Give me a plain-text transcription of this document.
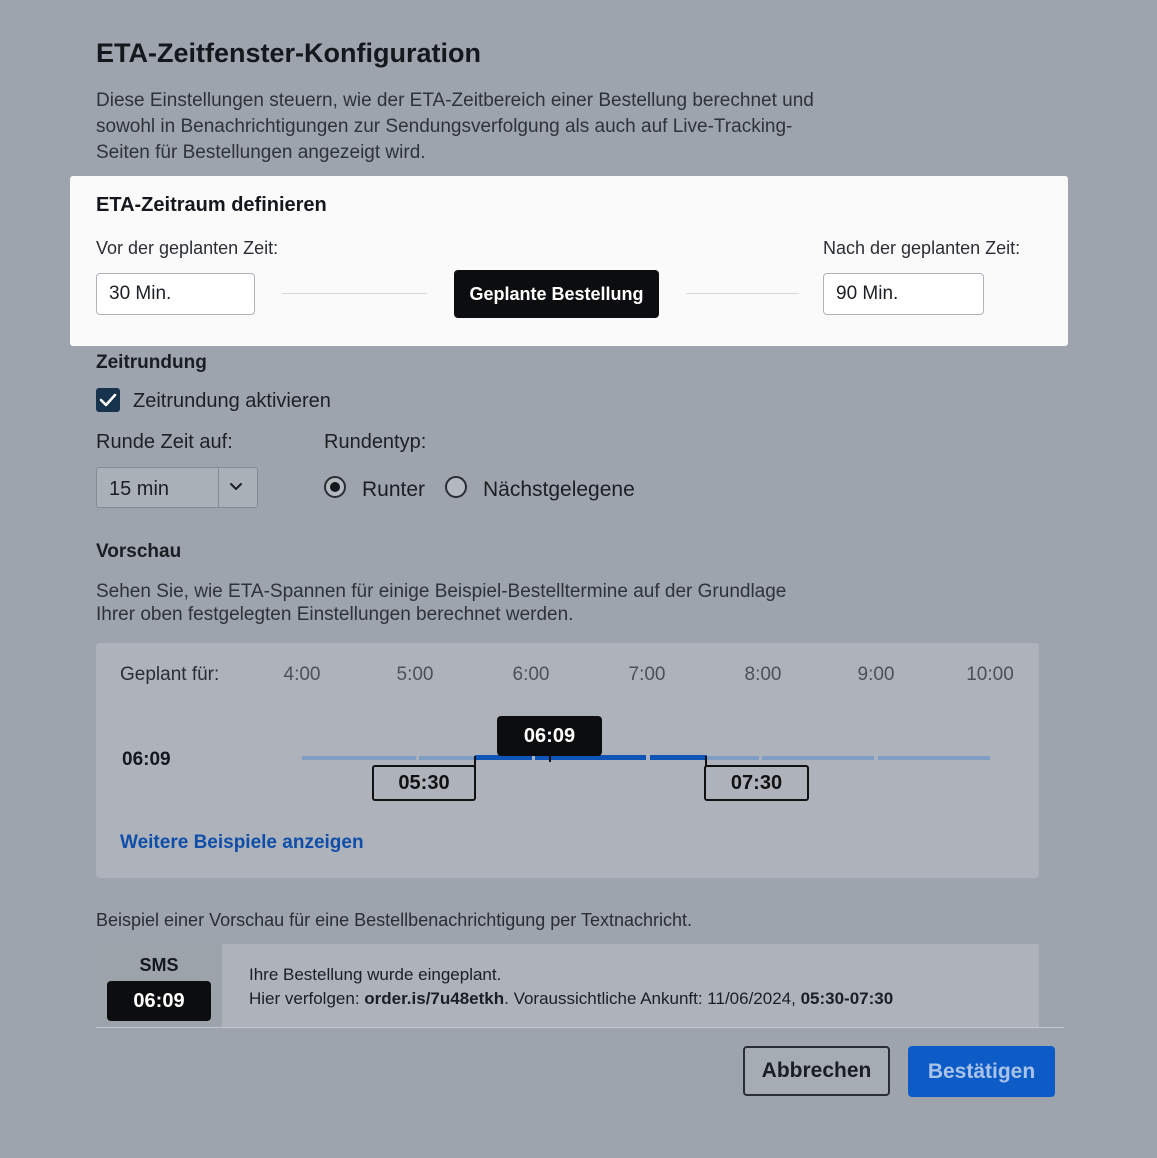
ETA-Zeitfenster-Konfiguration
Diese Einstellungen steuern, wie der ETA-Zeitbereich einer Bestellung berechnet und sowohl in Benachrichtigungen zur Sendungsverfolgung als auch auf Live-Tracking-Seiten für Bestellungen angezeigt wird.
ETA-Zeitraum definieren
Vor der geplanten Zeit:
30 Min.	Geplante Bestellung
Nach der geplanten Zeit:
90 Min.
Zeitrundung
Zeitrundung aktivieren
Runde Zeit auf:
15 min
Rundentyp:
Runter	Nächstgelegene
Vorschau
Sehen Sie, wie ETA-Spannen für einige Beispiel-Bestelltermine auf der Grundlage Ihrer oben festgelegten Einstellungen berechnet werden.
Geplant für:	4:00	5:00	6:00	7:00	8:00	9:00	10:00
06:09
06:09
05:30	07:30
Weitere Beispiele anzeigen
Beispiel einer Vorschau für eine Bestellbenachrichtigung per Textnachricht.
SMS
06:09
Ihre Bestellung wurde eingeplant.
Hier verfolgen: order.is/7u48etkh. Voraussichtliche Ankunft: 11/06/2024, 05:30-07:30
Abbrechen	Bestätigen
